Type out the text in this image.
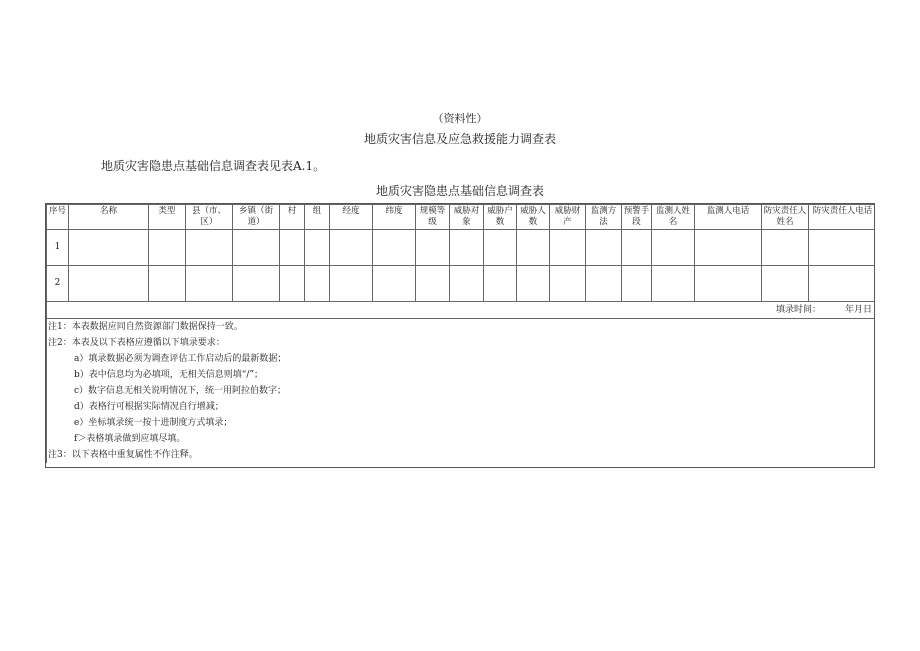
（资料性）
地质灾害信息及应急救援能力调查表
地质灾害隐患点基础信息调查表见表A.1。
地质灾害隐患点基础信息调查表
序号	名称	类型	县（市、区）	乡镇（街道）	村	组	经度	纬度	规模等级	威胁对象	威胁户数	威胁人数	威胁财产	监测方法	预警手段	监测人姓名	监测人电话	防灾责任人姓名	防灾责任人电话
1																			
2																			
填录时间： 年月日																			
注1：本表数据应同自然资源部门数据保持一致。																			
注2：本表及以下表格应遵循以下填录要求：																			
a）填录数据必须为调查评估工作启动后的最新数据；																			
b）表中信息均为必填项，无相关信息则填“/”；																			
c）数字信息无相关说明情况下，统一用阿拉伯数字；																			
d）表格行可根据实际情况自行增减；																			
e）坐标填录统一按十进制度方式填录；																			
f＞表格填录做到应填尽填。																			
注3：以下表格中重复属性不作注释。																			
